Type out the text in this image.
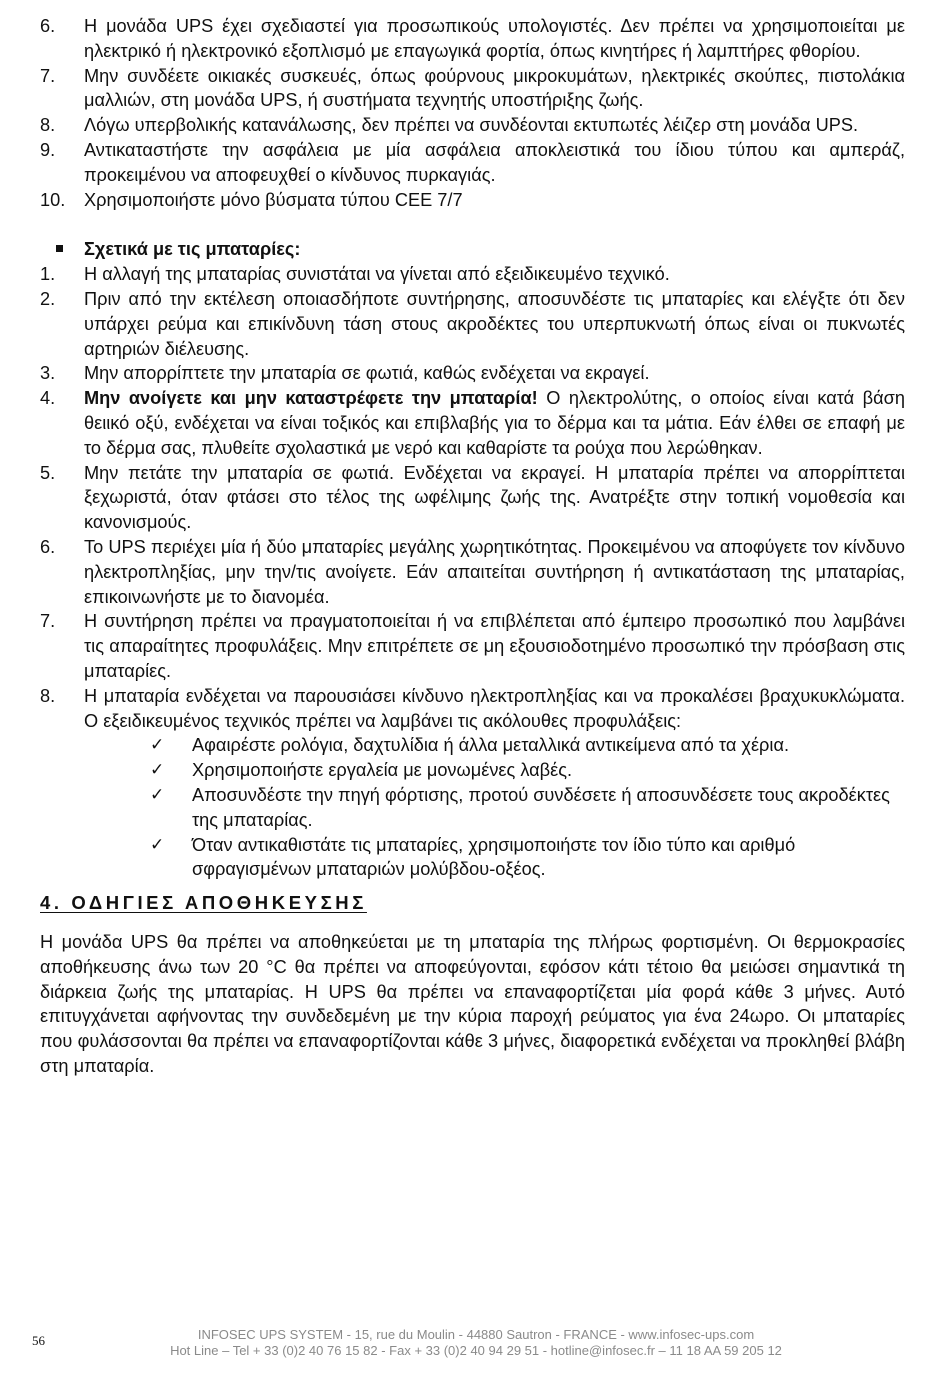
6.	Η μονάδα UPS έχει σχεδιαστεί για προσωπικούς υπολογιστές. Δεν πρέπει να χρησιμοποιείται με ηλεκτρικό ή ηλεκτρονικό εξοπλισμό με επαγωγικά φορτία, όπως κινητήρες ή λαμπτήρες φθορίου.
7.	Μην συνδέετε οικιακές συσκευές, όπως φούρνους μικροκυμάτων, ηλεκτρικές σκούπες, πιστολάκια μαλλιών, στη μονάδα UPS, ή συστήματα τεχνητής υποστήριξης ζωής.
8.	Λόγω υπερβολικής κατανάλωσης, δεν πρέπει να συνδέονται εκτυπωτές λέιζερ στη μονάδα UPS.
9.	Αντικαταστήστε την ασφάλεια με μία ασφάλεια αποκλειστικά του ίδιου τύπου και αμπεράζ, προκειμένου να αποφευχθεί ο κίνδυνος πυρκαγιάς.
10.	Χρησιμοποιήστε μόνο βύσματα τύπου CEE 7/7
Σχετικά με τις μπαταρίες:
1.	Η αλλαγή της μπαταρίας συνιστάται να γίνεται από εξειδικευμένο τεχνικό.
2.	Πριν από την εκτέλεση οποιασδήποτε συντήρησης, αποσυνδέστε τις μπαταρίες και ελέγξτε ότι δεν υπάρχει ρεύμα και επικίνδυνη τάση στους ακροδέκτες του υπερπυκνωτή όπως είναι οι πυκνωτές αρτηριών διέλευσης.
3.	Μην απορρίπτετε την μπαταρία σε φωτιά, καθώς ενδέχεται να εκραγεί.
4.	Μην ανοίγετε και μην καταστρέφετε την μπαταρία! Ο ηλεκτρολύτης, ο οποίος είναι κατά βάση θειικό οξύ, ενδέχεται να είναι τοξικός και επιβλαβής για το δέρμα και τα μάτια. Εάν έλθει σε επαφή με το δέρμα σας, πλυθείτε σχολαστικά με νερό και καθαρίστε τα ρούχα που λερώθηκαν.
5.	Μην πετάτε την μπαταρία σε φωτιά. Ενδέχεται να εκραγεί. Η μπαταρία πρέπει να απορρίπτεται ξεχωριστά, όταν φτάσει στο τέλος της ωφέλιμης ζωής της. Ανατρέξτε στην τοπική νομοθεσία και κανονισμούς.
6.	Το UPS περιέχει μία ή δύο μπαταρίες μεγάλης χωρητικότητας. Προκειμένου να αποφύγετε τον κίνδυνο ηλεκτροπληξίας, μην την/τις ανοίγετε. Εάν απαιτείται συντήρηση ή αντικατάσταση της μπαταρίας, επικοινωνήστε με το διανομέα.
7.	Η συντήρηση πρέπει να πραγματοποιείται ή να επιβλέπεται από έμπειρο προσωπικό που λαμβάνει τις απαραίτητες προφυλάξεις. Μην επιτρέπετε σε μη εξουσιοδοτημένο προσωπικό την πρόσβαση στις μπαταρίες.
8.	Η μπαταρία ενδέχεται να παρουσιάσει κίνδυνο ηλεκτροπληξίας και να προκαλέσει βραχυκυκλώματα. Ο εξειδικευμένος τεχνικός πρέπει να λαμβάνει τις ακόλουθες προφυλάξεις:
✓ Αφαιρέστε ρολόγια, δαχτυλίδια ή άλλα μεταλλικά αντικείμενα από τα χέρια.
✓ Χρησιμοποιήστε εργαλεία με μονωμένες λαβές.
✓ Αποσυνδέστε την πηγή φόρτισης, προτού συνδέσετε ή αποσυνδέσετε τους ακροδέκτες της μπαταρίας.
✓ Όταν αντικαθιστάτε τις μπαταρίες, χρησιμοποιήστε τον ίδιο τύπο και αριθμό σφραγισμένων μπαταριών μολύβδου-οξέος.
4. ΟΔΗΓΙΕΣ ΑΠΟΘΗΚΕΥΣΗΣ

Η μονάδα UPS θα πρέπει να αποθηκεύεται με τη μπαταρία της πλήρως φορτισμένη. Οι θερμοκρασίες αποθήκευσης άνω των 20 °C θα πρέπει να αποφεύγονται, εφόσον κάτι τέτοιο θα μειώσει σημαντικά τη διάρκεια ζωής της μπαταρίας. Η UPS θα πρέπει να επαναφορτίζεται μία φορά κάθε 3 μήνες. Αυτό επιτυγχάνεται αφήνοντας την συνδεδεμένη με την κύρια παροχή ρεύματος για ένα 24ωρο. Οι μπαταρίες που φυλάσσονται θα πρέπει να επαναφορτίζονται κάθε 3 μήνες, διαφορετικά ενδέχεται να προκληθεί βλάβη στη μπαταρία.

56	INFOSEC UPS SYSTEM - 15, rue du Moulin - 44880 Sautron - FRANCE - www.infosec-ups.com
Hot Line – Tel + 33 (0)2 40 76 15 82 - Fax + 33 (0)2 40 94 29 51 - hotline@infosec.fr – 11 18 AA 59 205 12
